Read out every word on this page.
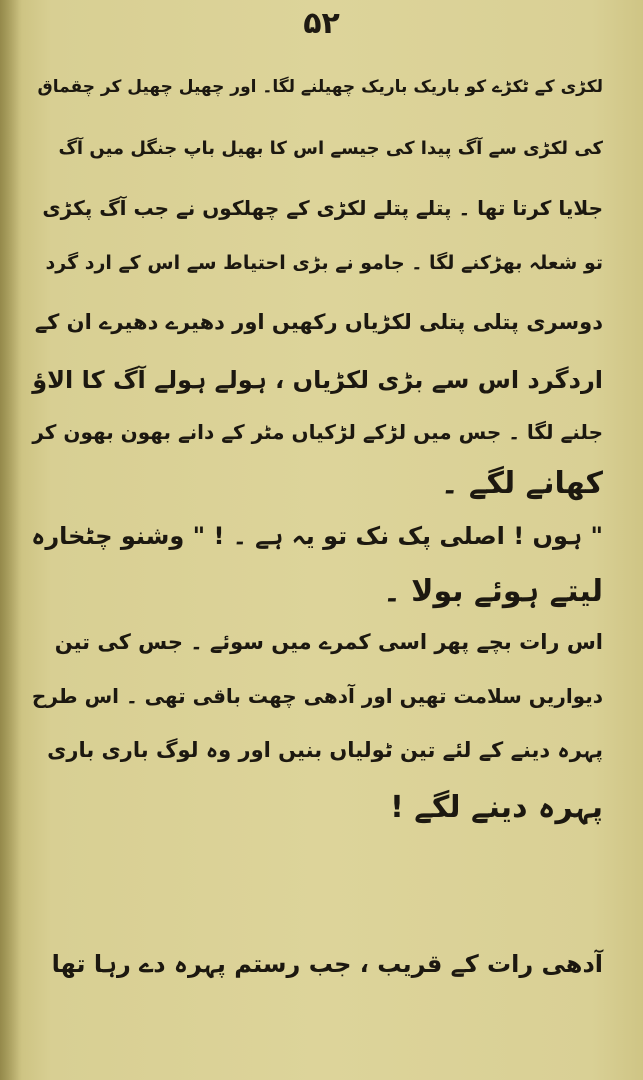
۵۲
لکڑی کے ٹکڑے کو باریک باریک چھیلنے لگا۔ اور چھیل چھیل کر چقماق
کی لکڑی سے آگ پیدا کی جیسے اس کا بھیل باپ جنگل میں آگ
جلایا کرتا تھا ۔ پتلے پتلے لکڑی کے چھلکوں نے جب آگ پکڑی
تو شعلہ بھڑکنے لگا ۔ جامو نے بڑی احتیاط سے اس کے ارد گرد
دوسری پتلی پتلی لکڑیاں رکھیں اور دھیرے دھیرے ان کے
اردگرد اس سے بڑی لکڑیاں ، ہولے ہولے آگ کا الاؤ
جلنے لگا ۔ جس میں لڑکے لڑکیاں مٹر کے دانے بھون بھون کر
کھانے لگے ۔
" ہوں ! اصلی پک نک تو یہ ہے ۔ ! " وشنو چٹخارہ
لیتے ہوئے بولا ۔
اس رات بچے پھر اسی کمرے میں سوئے ۔ جس کی تین
دیواریں سلامت تھیں اور آدھی چھت باقی تھی ۔ اس طرح
پہرہ دینے کے لئے تین ٹولیاں بنیں اور وہ لوگ باری باری
پہرہ دینے لگے !
آدھی رات کے قریب ، جب رستم پہرہ دے رہا تھا
